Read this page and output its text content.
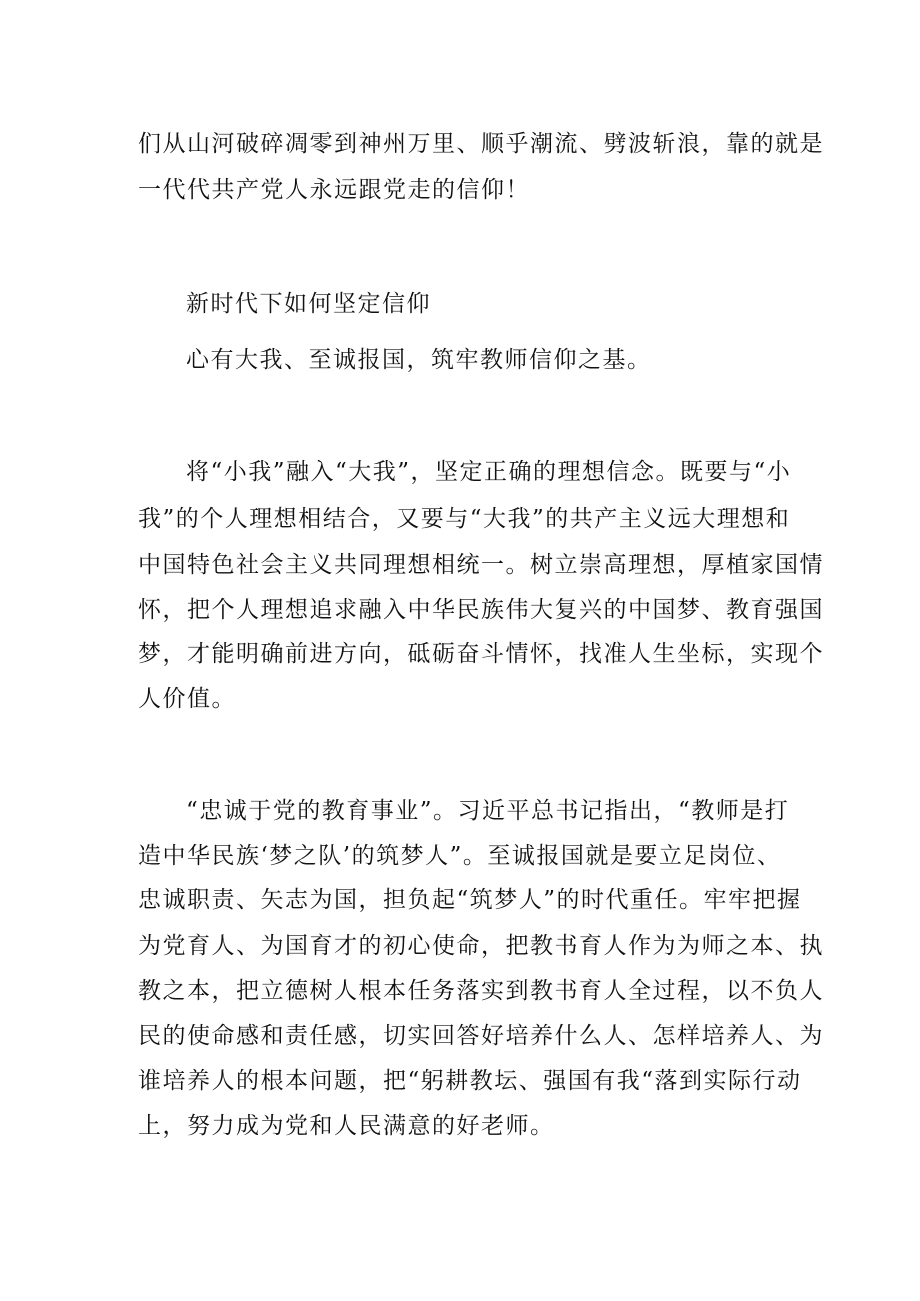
们从山河破碎凋零到神州万里、顺乎潮流、劈波斩浪，靠的就是
一代代共产党人永远跟党走的信仰！
新时代下如何坚定信仰
心有大我、至诚报国，筑牢教师信仰之基。
将“小我”融入“大我”，坚定正确的理想信念。既要与“小
我”的个人理想相结合，又要与“大我”的共产主义远大理想和
中国特色社会主义共同理想相统一。树立崇高理想，厚植家国情
怀，把个人理想追求融入中华民族伟大复兴的中国梦、教育强国
梦，才能明确前进方向，砥砺奋斗情怀，找准人生坐标，实现个
人价值。
“忠诚于党的教育事业”。习近平总书记指出，“教师是打
造中华民族‘梦之队’的筑梦人”。至诚报国就是要立足岗位、
忠诚职责、矢志为国，担负起“筑梦人”的时代重任。牢牢把握
为党育人、为国育才的初心使命，把教书育人作为为师之本、执
教之本，把立德树人根本任务落实到教书育人全过程，以不负人
民的使命感和责任感，切实回答好培养什么人、怎样培养人、为
谁培养人的根本问题，把“躬耕教坛、强国有我“落到实际行动
上，努力成为党和人民满意的好老师。
